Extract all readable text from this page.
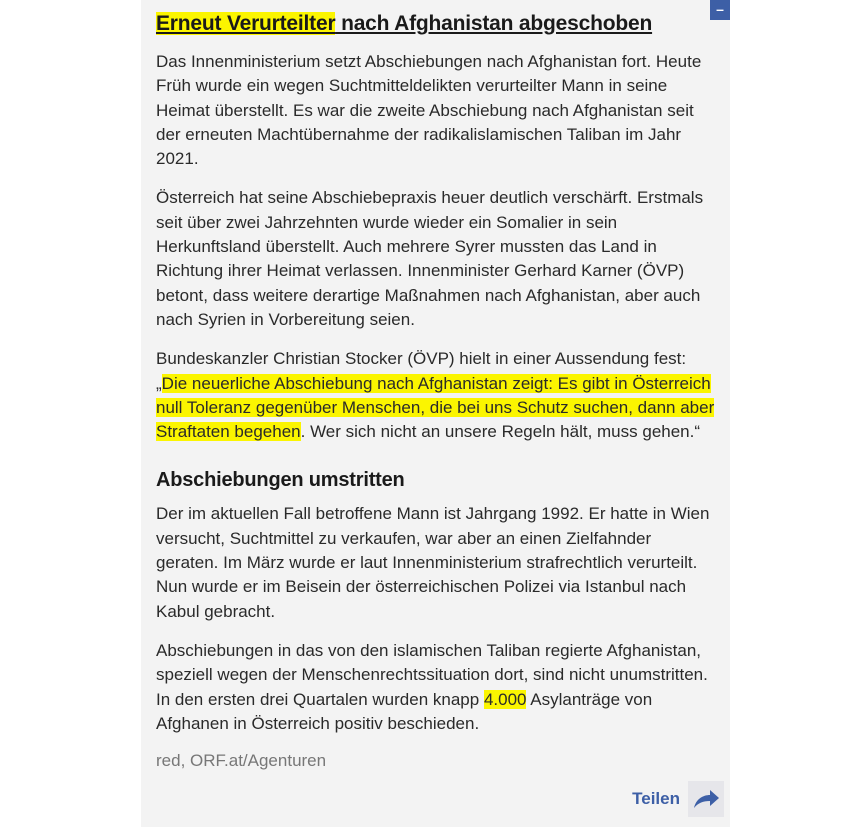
–
Erneut Verurteilter nach Afghanistan abgeschoben

Das Innenministerium setzt Abschiebungen nach Afghanistan fort. Heute Früh wurde ein wegen Suchtmitteldelikten verurteilter Mann in seine Heimat überstellt. Es war die zweite Abschiebung nach Afghanistan seit der erneuten Machtübernahme der radikalislamischen Taliban im Jahr 2021.

Österreich hat seine Abschiebepraxis heuer deutlich verschärft. Erstmals seit über zwei Jahrzehnten wurde wieder ein Somalier in sein Herkunftsland überstellt. Auch mehrere Syrer mussten das Land in Richtung ihrer Heimat verlassen. Innenminister Gerhard Karner (ÖVP) betont, dass weitere derartige Maßnahmen nach Afghanistan, aber auch nach Syrien in Vorbereitung seien.

Bundeskanzler Christian Stocker (ÖVP) hielt in einer Aussendung fest: „Die neuerliche Abschiebung nach Afghanistan zeigt: Es gibt in Österreich null Toleranz gegenüber Menschen, die bei uns Schutz suchen, dann aber Straftaten begehen. Wer sich nicht an unsere Regeln hält, muss gehen.“

Abschiebungen umstritten

Der im aktuellen Fall betroffene Mann ist Jahrgang 1992. Er hatte in Wien versucht, Suchtmittel zu verkaufen, war aber an einen Zielfahnder geraten. Im März wurde er laut Innenministerium strafrechtlich verurteilt. Nun wurde er im Beisein der österreichischen Polizei via Istanbul nach Kabul gebracht.

Abschiebungen in das von den islamischen Taliban regierte Afghanistan, speziell wegen der Menschenrechtssituation dort, sind nicht unumstritten. In den ersten drei Quartalen wurden knapp 4.000 Asylanträge von Afghanen in Österreich positiv beschieden.

red, ORF.at/Agenturen
Teilen
